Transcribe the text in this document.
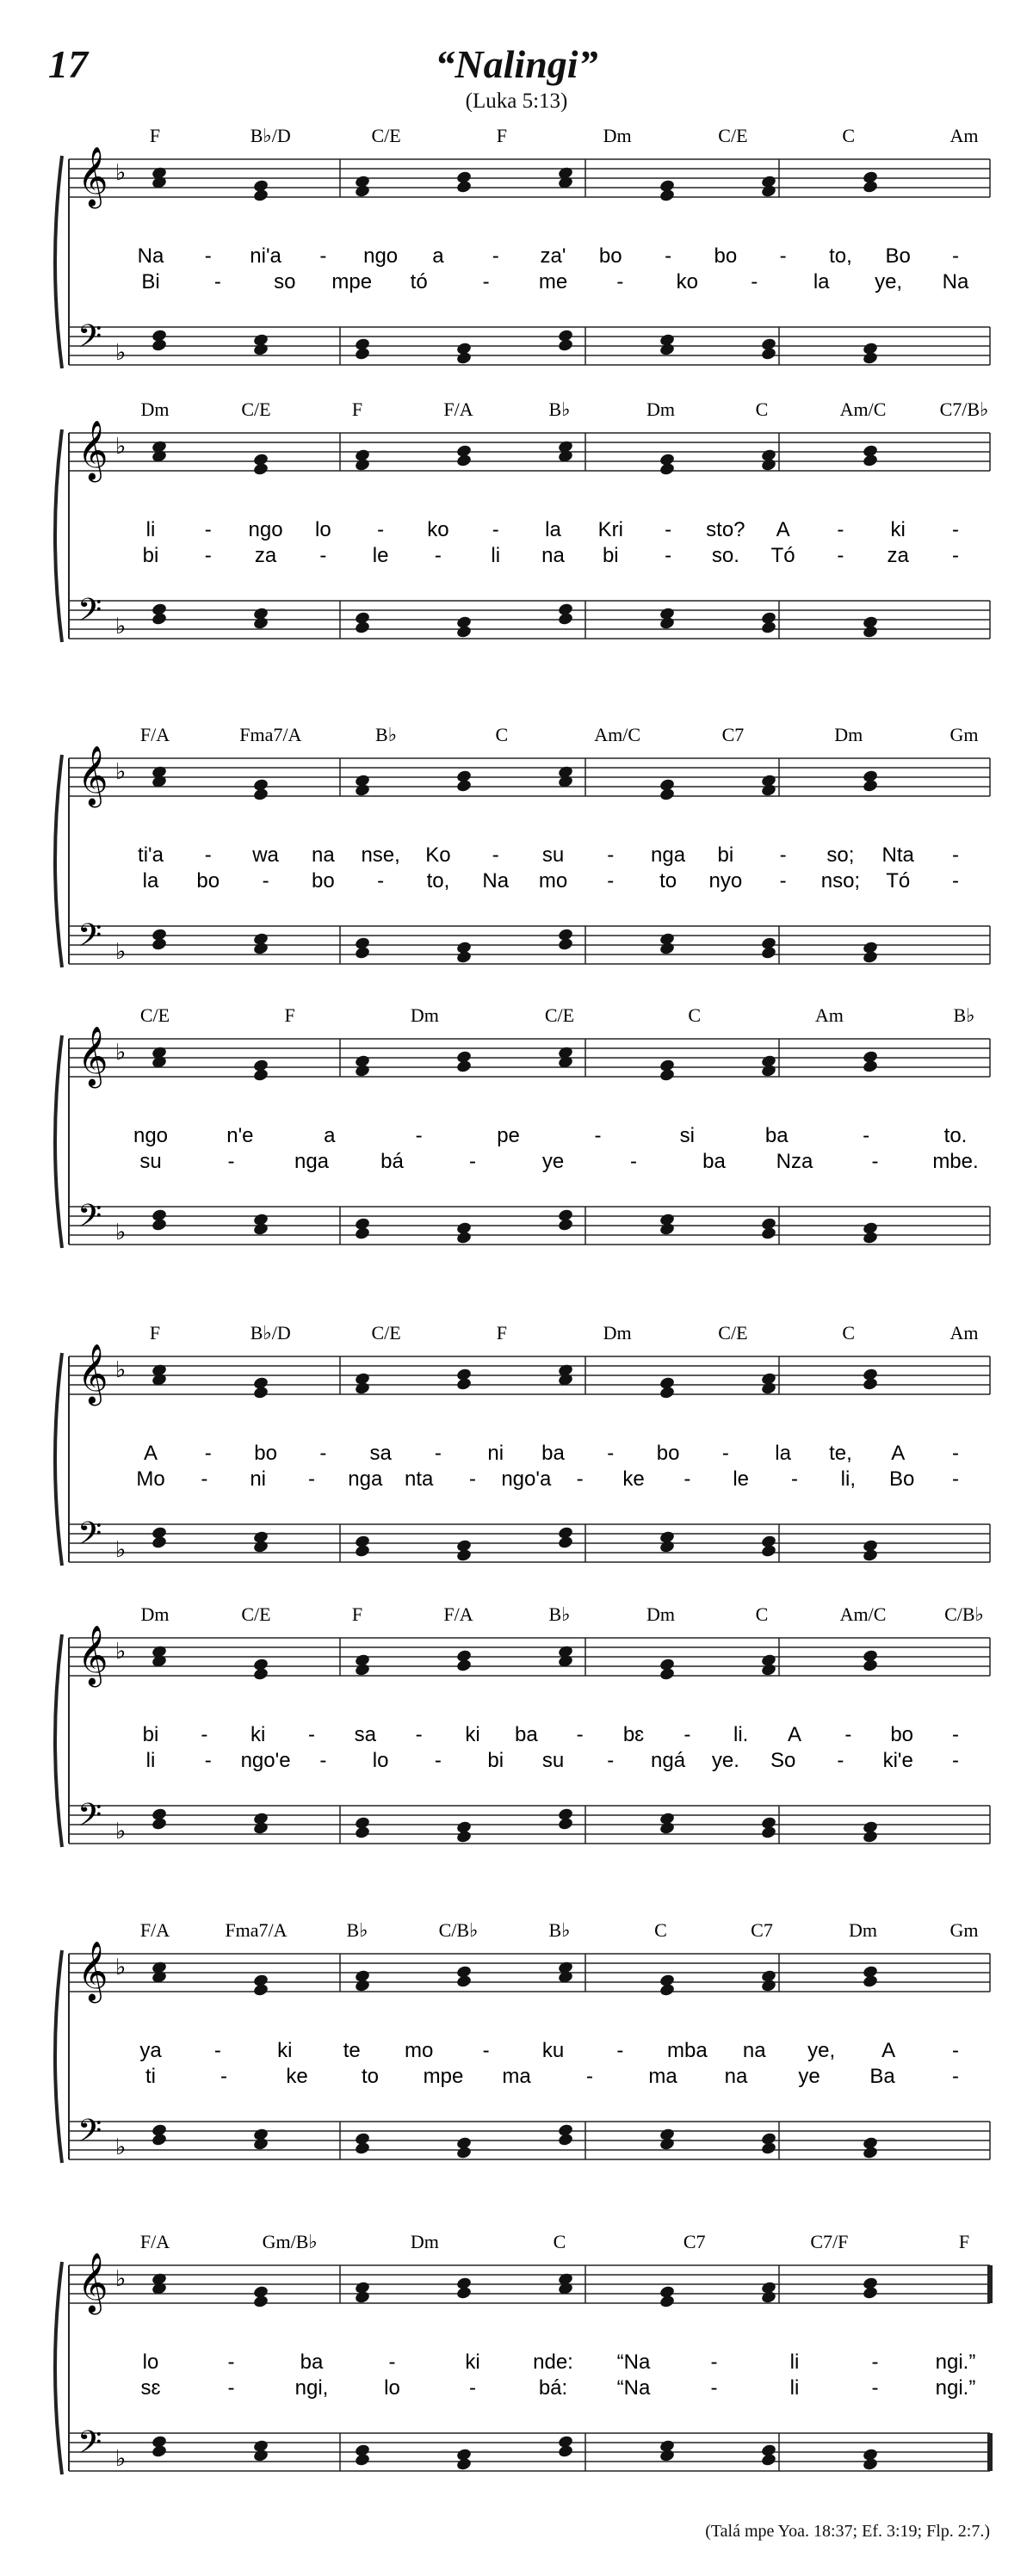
17	“Nalingi”
(Luka 5:13)
F	B♭/D	C/E	F	Dm	C/E	C	Am
𝄞 ♭
𝄢 ♭
Na - ni'a - ngo a - za' bo - bo - to, Bo -
Bi	-	so mpe tó	- me -	ko	-	la ye, Na
Dm	C/E	F	F/A	B♭	Dm	C	Am/C	C7/B♭
𝄞 ♭
𝄢 ♭
li - ngo lo - ko - la Kri - sto? A - ki -
bi - za - le - li na bi - so. Tó - za -
F/A	Fma7/A	B♭	C	Am/C	C7	Dm	Gm
𝄞 ♭
𝄢 ♭
ti'a - wa na nse, Ko - su - nga bi - so; Nta -
la bo - bo - to, Na mo - to nyo - nso; Tó -
C/E	F	Dm	C/E	C	Am	B♭
𝄞 ♭
𝄢 ♭
ngo	n'e	a	-	pe	-	si	ba	-	to.
su	-	nga	bá	-	ye	-	ba Nza	-	mbe.
F	B♭/D	C/E	F	Dm	C/E	C	Am
𝄞 ♭
𝄢 ♭
A - bo - sa - ni ba - bo - la te, A -
Mo - ni - nga ntа - ngo'a - ke - le - li, Bo -
Dm	C/E	F	F/A	B♭	Dm	C	Am/C	C/B♭
𝄞 ♭
𝄢 ♭
bi - ki - sa - ki ba - bɛ - li. A - bo -
li - ngo'e - lo - bi su - ngá ye. So - ki'e -
F/A	Fma7/A	B♭	C/B♭	B♭	C	C7	Dm	Gm
𝄞 ♭
𝄢 ♭
ya	-	ki te mo -	ku	- mba na ye, A	-
ti	-	ke	to mpe ma	-	ma na ye Ba	-
F/A	Gm/B♭	Dm	C	C7	C7/F	F
𝄞 ♭
𝄢 ♭
lo	-	ba	-	ki	nde: “Na	-	li	-	ngi.”
sɛ	-	ngi,	lo	-	bá: “Na	-	li	-	ngi.”
(Talá mpe Yoa. 18:37; Ef. 3:19; Flp. 2:7.)
